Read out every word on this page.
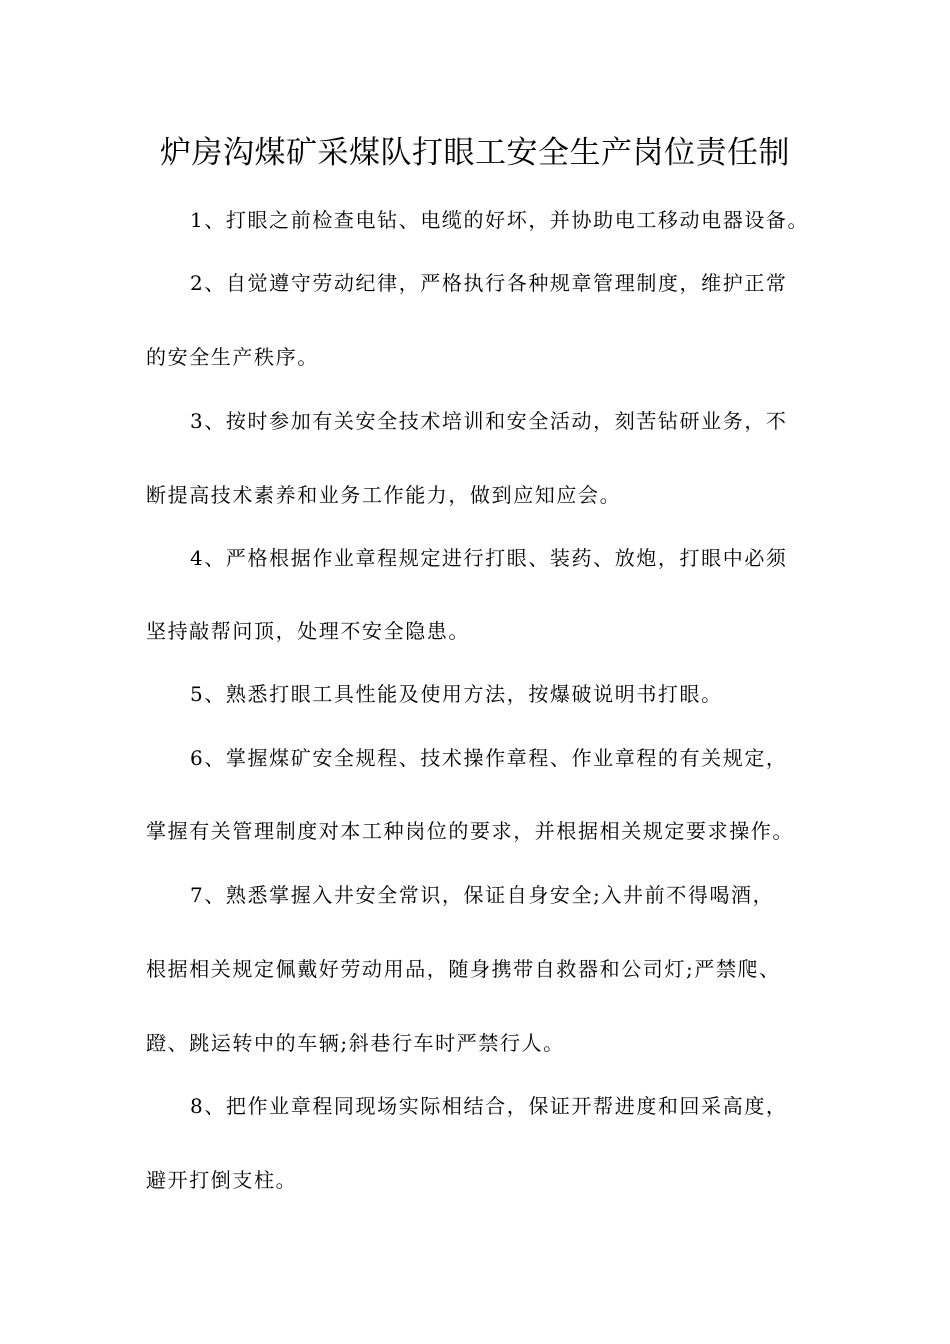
炉房沟煤矿采煤队打眼工安全生产岗位责任制
1、打眼之前检查电钻、电缆的好坏，并协助电工移动电器设备。
2、自觉遵守劳动纪律，严格执行各种规章管理制度，维护正常
的安全生产秩序。
3、按时参加有关安全技术培训和安全活动，刻苦钻研业务，不
断提高技术素养和业务工作能力，做到应知应会。
4、严格根据作业章程规定进行打眼、装药、放炮，打眼中必须
坚持敲帮问顶，处理不安全隐患。
5、熟悉打眼工具性能及使用方法，按爆破说明书打眼。
6、掌握煤矿安全规程、技术操作章程、作业章程的有关规定，
掌握有关管理制度对本工种岗位的要求，并根据相关规定要求操作。
7、熟悉掌握入井安全常识，保证自身安全;入井前不得喝酒，
根据相关规定佩戴好劳动用品，随身携带自救器和公司灯;严禁爬、
蹬、跳运转中的车辆;斜巷行车时严禁行人。
8、把作业章程同现场实际相结合，保证开帮进度和回采高度，
避开打倒支柱。
